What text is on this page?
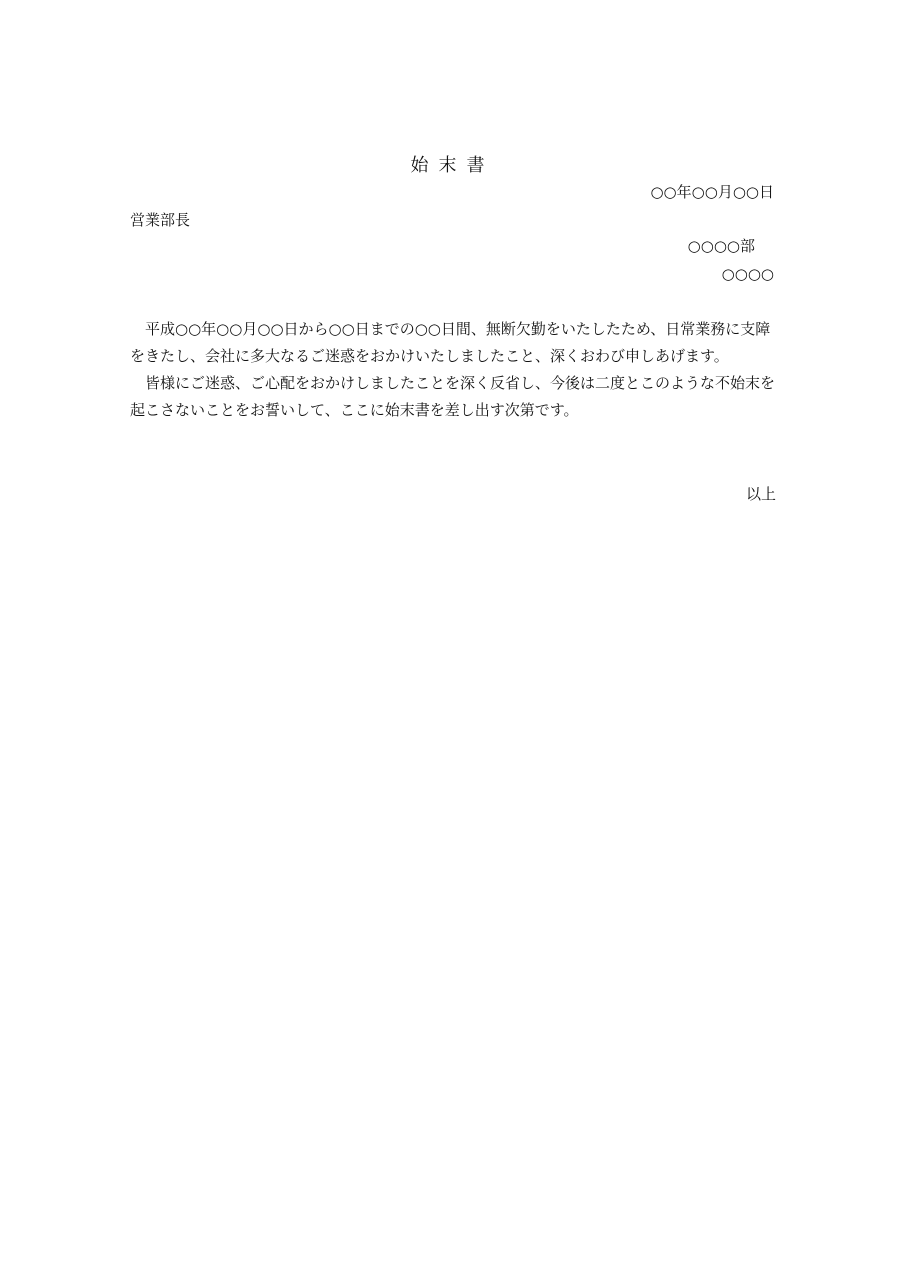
始末書
○○年○○月○○日
営業部長
○○○○部
○○○○

平成○○年○○月○○日から○○日までの○○日間、無断欠勤をいたしたため、日常業務に支障をきたし、会社に多大なるご迷惑をおかけいたしましたこと、深くおわび申しあげます。

皆様にご迷惑、ご心配をおかけしましたことを深く反省し、今後は二度とこのような不始末を起こさないことをお誓いして、ここに始末書を差し出す次第です。

以上
